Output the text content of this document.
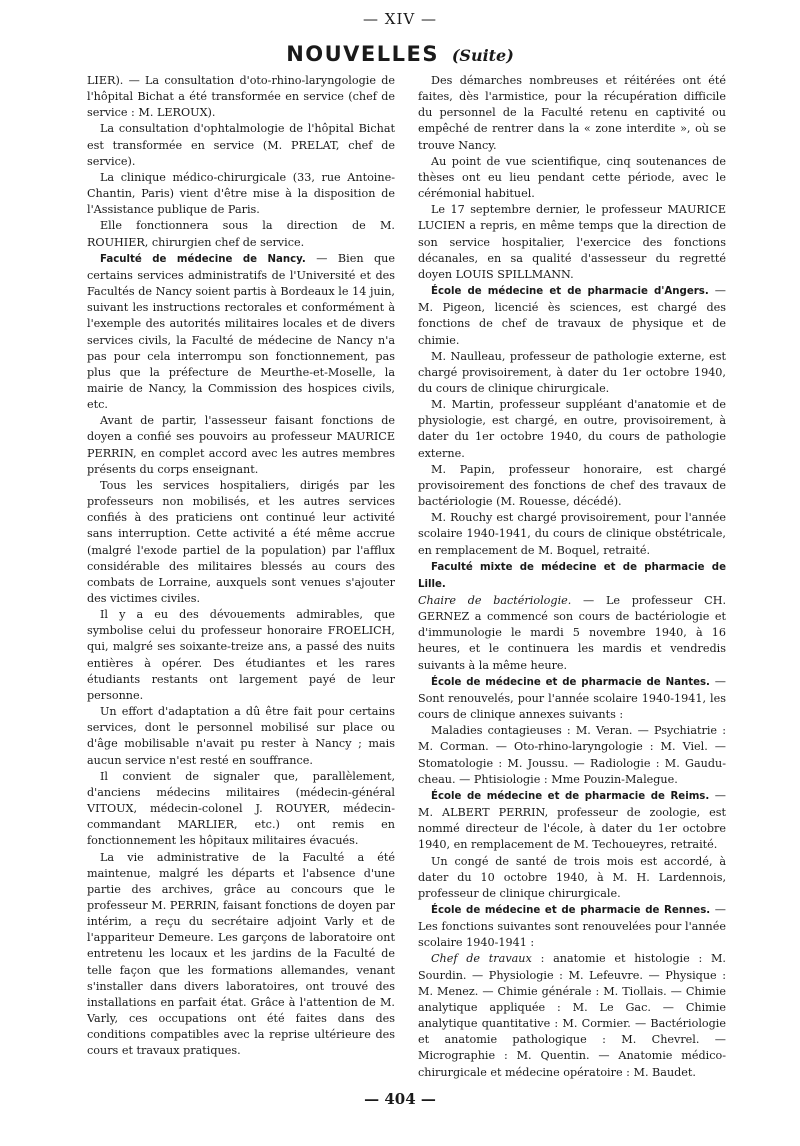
— XIV —
NOUVELLES (Suite)

LIER). — La consultation d'oto-rhino-laryngologie de l'hôpital Bichat a été transformée en service (chef de service : M. LEROUX).

La consultation d'ophtalmologie de l'hôpital Bichat est transformée en service (M. PRELAT, chef de service).

La clinique médico-chirurgicale (33, rue Antoine-Chantin, Paris) vient d'être mise à la disposition de l'Assistance publique de Paris.

Elle fonctionnera sous la direction de M. ROUHIER, chirurgien chef de service.

Faculté de médecine de Nancy. — Bien que certains services administratifs de l'Université et des Facultés de Nancy soient partis à Bordeaux le 14 juin, suivant les instructions rectorales et conformément à l'exemple des autorités militaires locales et de divers services civils, la Faculté de médecine de Nancy n'a pas pour cela interrompu son fonctionnement, pas plus que la préfecture de Meurthe-et-Moselle, la mairie de Nancy, la Commission des hospices civils, etc.

Avant de partir, l'assesseur faisant fonctions de doyen a confié ses pouvoirs au professeur MAURICE PERRIN, en complet accord avec les autres membres présents du corps enseignant.

Tous les services hospitaliers, dirigés par les professeurs non mobilisés, et les autres services confiés à des praticiens ont continué leur activité sans interruption. Cette activité a été même accrue (malgré l'exode partiel de la population) par l'afflux considérable des militaires blessés au cours des combats de Lorraine, auxquels sont venues s'ajouter des victimes civiles.

Il y a eu des dévouements admirables, que symbolise celui du professeur honoraire FROELICH, qui, malgré ses soixante-treize ans, a passé des nuits entières à opérer. Des étudiantes et les rares étudiants restants ont largement payé de leur personne.

Un effort d'adaptation a dû être fait pour certains services, dont le personnel mobilisé sur place ou d'âge mobilisable n'avait pu rester à Nancy ; mais aucun service n'est resté en souffrance.

Il convient de signaler que, parallèlement, d'anciens médecins militaires (médecin-général VITOUX, médecin-colonel J. ROUYER, médecin-commandant MARLIER, etc.) ont remis en fonctionnement les hôpitaux militaires évacués.

La vie administrative de la Faculté a été maintenue, malgré les départs et l'absence d'une partie des archives, grâce au concours que le professeur M. PERRIN, faisant fonctions de doyen par intérim, a reçu du secrétaire adjoint Varly et de l'appariteur Demeure. Les garçons de laboratoire ont entretenu les locaux et les jardins de la Faculté de telle façon que les formations allemandes, venant s'installer dans divers laboratoires, ont trouvé des installations en parfait état. Grâce à l'attention de M. Varly, ces occupations ont été faites dans des conditions compatibles avec la reprise ultérieure des cours et travaux pratiques.

Des démarches nombreuses et réitérées ont été faites, dès l'armistice, pour la récupération difficile du personnel de la Faculté retenu en captivité ou empêché de rentrer dans la « zone interdite », où se trouve Nancy.

Au point de vue scientifique, cinq soutenances de thèses ont eu lieu pendant cette période, avec le cérémonial habituel.

Le 17 septembre dernier, le professeur MAURICE LUCIEN a repris, en même temps que la direction de son service hospitalier, l'exercice des fonctions décanales, en sa qualité d'assesseur du regretté doyen LOUIS SPILLMANN.

École de médecine et de pharmacie d'Angers. — M. Pigeon, licencié ès sciences, est chargé des fonctions de chef de travaux de physique et de chimie.

M. Naulleau, professeur de pathologie externe, est chargé provisoirement, à dater du 1er octobre 1940, du cours de clinique chirurgicale.

M. Martin, professeur suppléant d'anatomie et de physiologie, est chargé, en outre, provisoirement, à dater du 1er octobre 1940, du cours de pathologie externe.

M. Papin, professeur honoraire, est chargé provisoirement des fonctions de chef des travaux de bactériologie (M. Rouesse, décédé).

M. Rouchy est chargé provisoirement, pour l'année scolaire 1940-1941, du cours de clinique obstétricale, en remplacement de M. Boquel, retraité.

Faculté mixte de médecine et de pharmacie de Lille.

Chaire de bactériologie. — Le professeur CH. GERNEZ a commencé son cours de bactériologie et d'immunologie le mardi 5 novembre 1940, à 16 heures, et le continuera les mardis et vendredis suivants à la même heure.

École de médecine et de pharmacie de Nantes. — Sont renouvelés, pour l'année scolaire 1940-1941, les cours de clinique annexes suivants :

Maladies contagieuses : M. Veran. — Psychiatrie : M. Corman. — Oto-rhino-laryngologie : M. Viel. — Stomatologie : M. Joussu. — Radiologie : M. Gaudu-cheau. — Phtisiologie : Mme Pouzin-Malegue.

École de médecine et de pharmacie de Reims. — M. ALBERT PERRIN, professeur de zoologie, est nommé directeur de l'école, à dater du 1er octobre 1940, en remplacement de M. Techoueyres, retraité.

Un congé de santé de trois mois est accordé, à dater du 10 octobre 1940, à M. H. Lardennois, professeur de clinique chirurgicale.

École de médecine et de pharmacie de Rennes. — Les fonctions suivantes sont renouvelées pour l'année scolaire 1940-1941 :

Chef de travaux : anatomie et histologie : M. Sourdin. — Physiologie : M. Lefeuvre. — Physique : M. Menez. — Chimie générale : M. Tiollais. — Chimie analytique appliquée : M. Le Gac. — Chimie analytique quantitative : M. Cormier. — Bactériologie et anatomie pathologique : M. Chevrel. — Micrographie : M. Quentin. — Anatomie médico-chirurgicale et médecine opératoire : M. Baudet.

— 404 —
